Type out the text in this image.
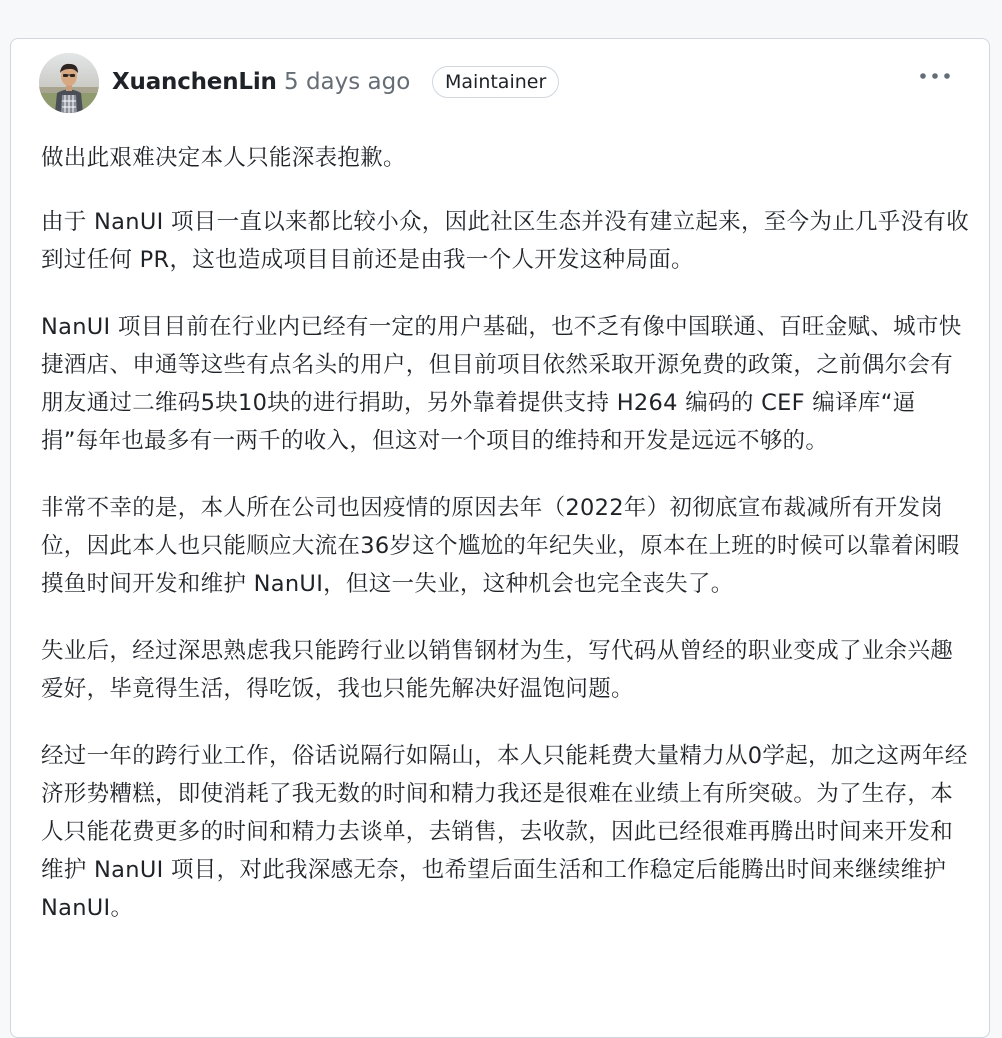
XuanchenLin 5 days ago	Maintainer

做出此艰难决定本人只能深表抱歉。

由于 NanUI 项目一直以来都比较小众，因此社区生态并没有建立起来，至今为止几乎没有收到过任何 PR，这也造成项目目前还是由我一个人开发这种局面。

NanUI 项目目前在行业内已经有一定的用户基础，也不乏有像中国联通、百旺金赋、城市快捷酒店、申通等这些有点名头的用户，但目前项目依然采取开源免费的政策，之前偶尔会有朋友通过二维码5块10块的进行捐助，另外靠着提供支持 H264 编码的 CEF 编译库“逼捐”每年也最多有一两千的收入，但这对一个项目的维持和开发是远远不够的。

非常不幸的是，本人所在公司也因疫情的原因去年（2022年）初彻底宣布裁减所有开发岗位，因此本人也只能顺应大流在36岁这个尴尬的年纪失业，原本在上班的时候可以靠着闲暇摸鱼时间开发和维护 NanUI，但这一失业，这种机会也完全丧失了。

失业后，经过深思熟虑我只能跨行业以销售钢材为生，写代码从曾经的职业变成了业余兴趣爱好，毕竟得生活，得吃饭，我也只能先解决好温饱问题。

经过一年的跨行业工作，俗话说隔行如隔山，本人只能耗费大量精力从0学起，加之这两年经济形势糟糕，即使消耗了我无数的时间和精力我还是很难在业绩上有所突破。为了生存，本人只能花费更多的时间和精力去谈单，去销售，去收款，因此已经很难再腾出时间来开发和维护 NanUI 项目，对此我深感无奈，也希望后面生活和工作稳定后能腾出时间来继续维护 NanUI。
